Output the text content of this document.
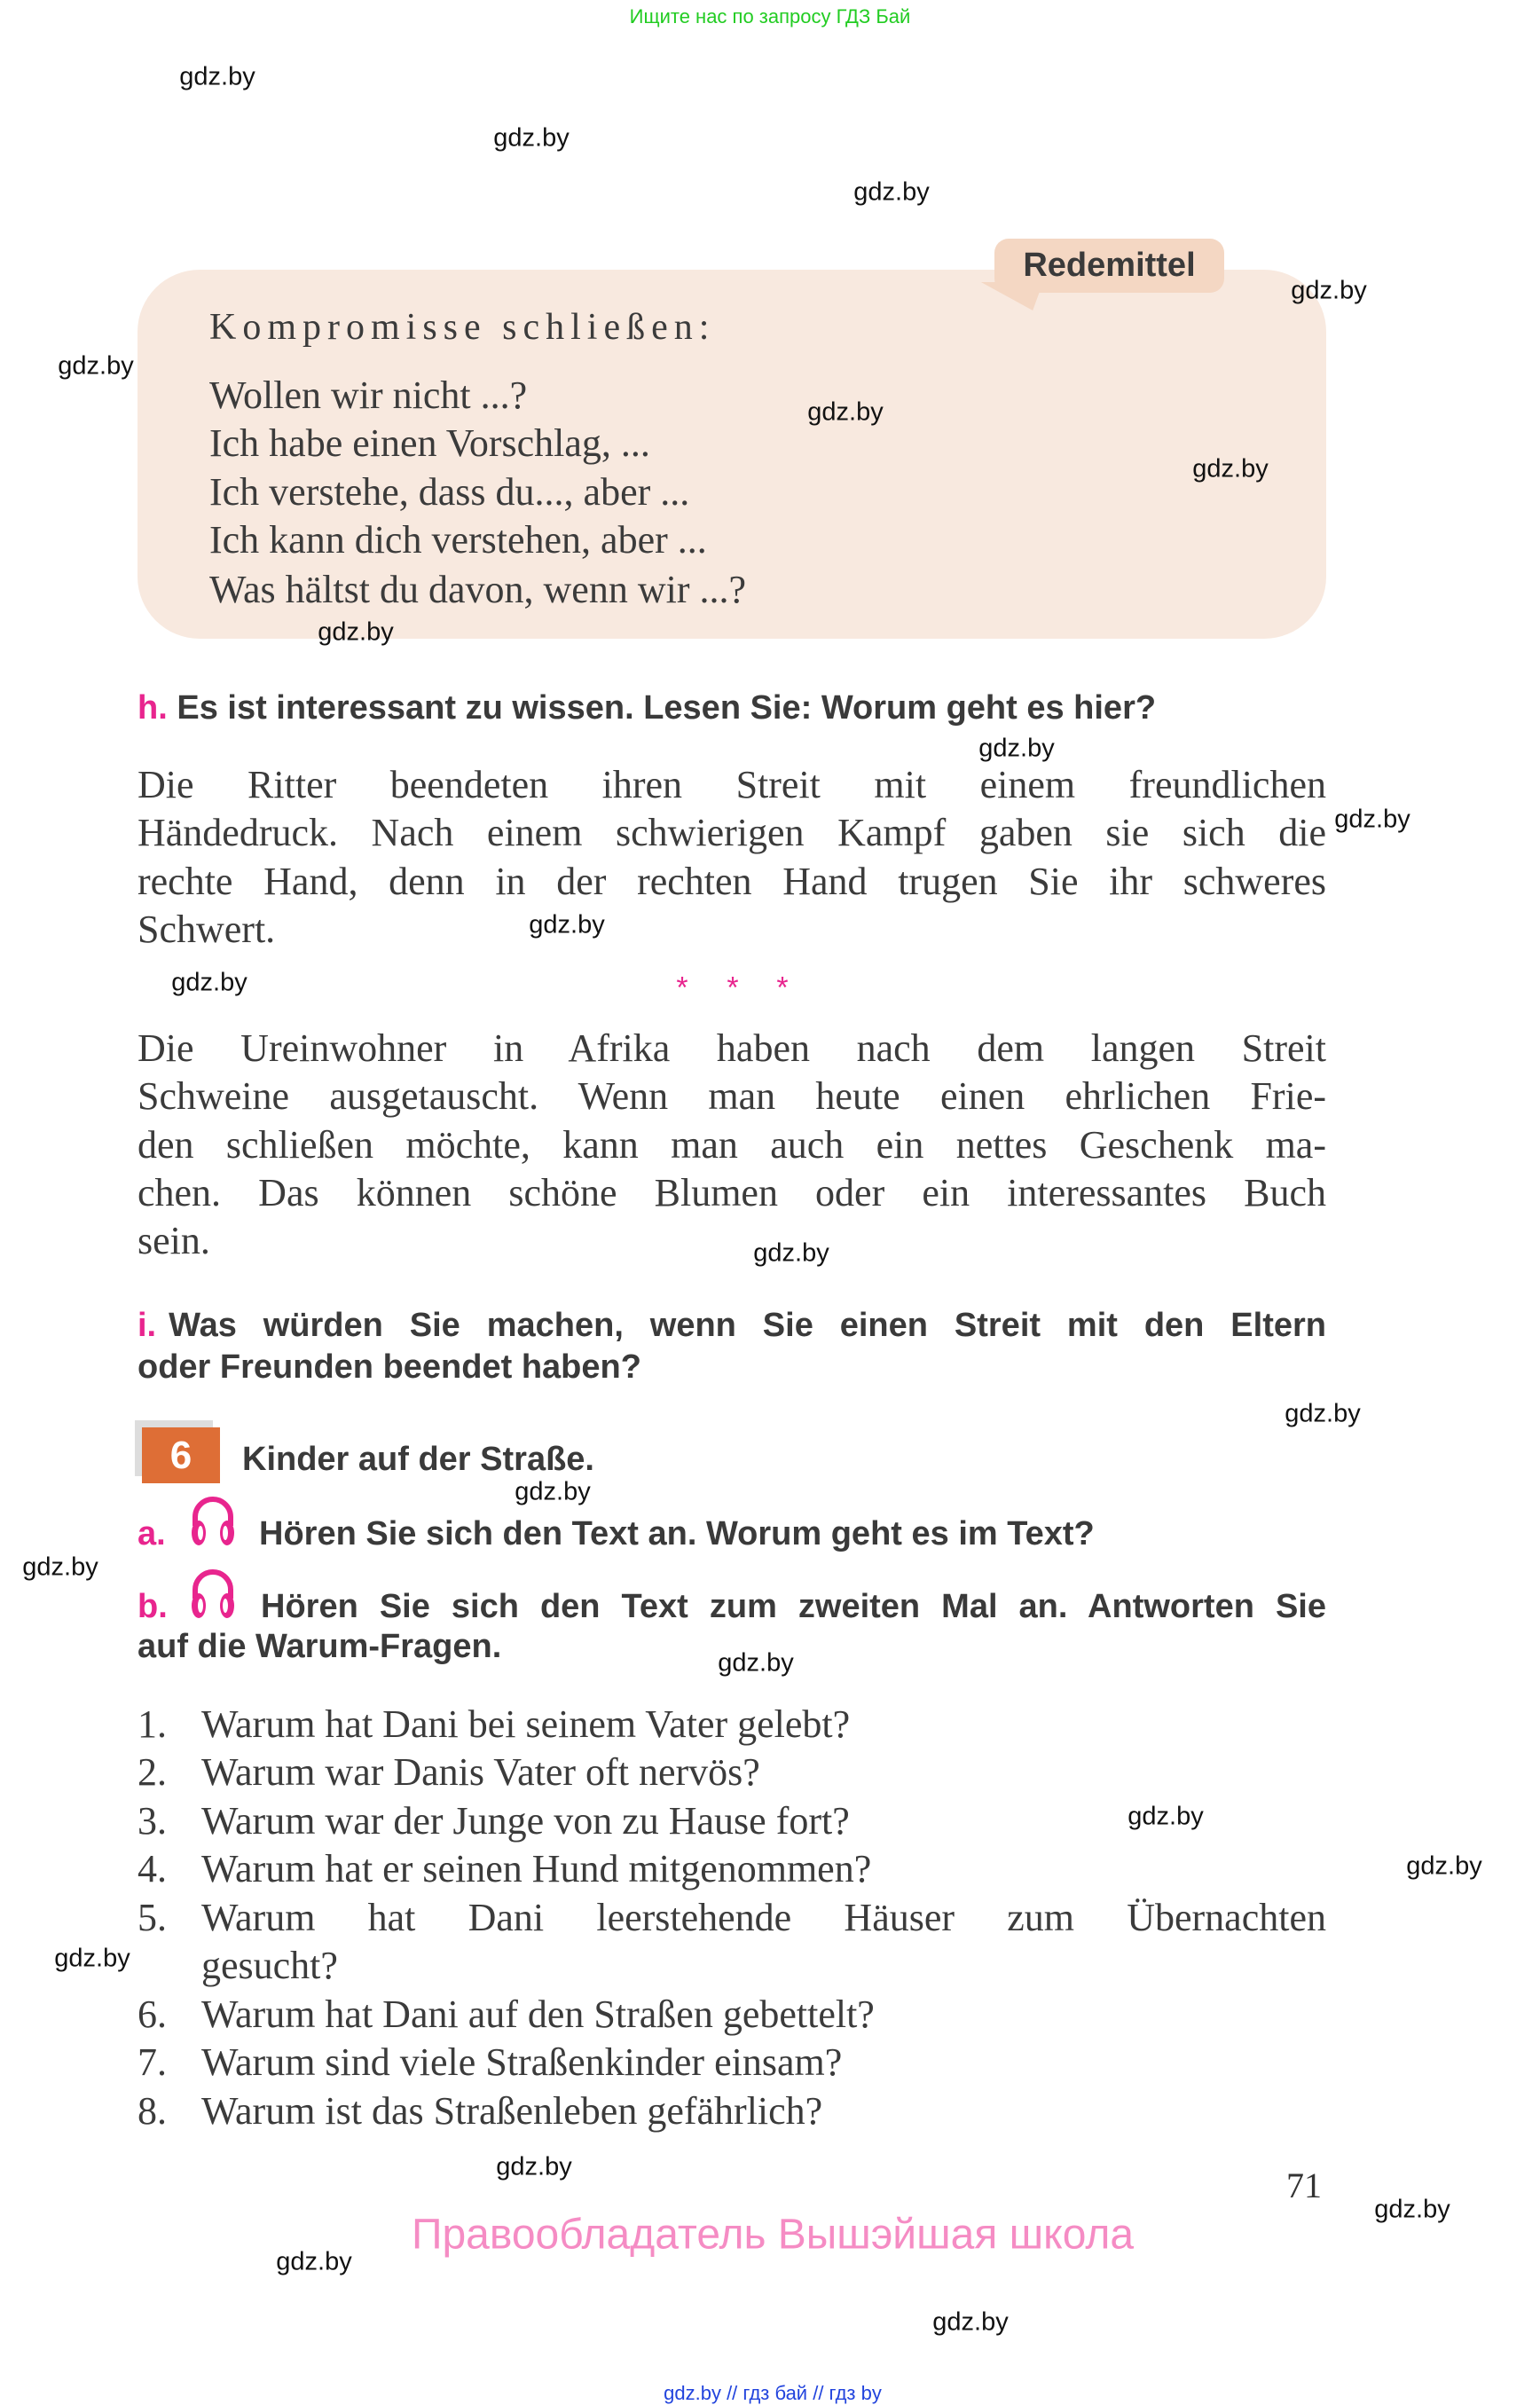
Ищите нас по запросу ГДЗ Бай
Redemittel
Kompromisse schließen:
Wollen wir nicht ...?
Ich habe einen Vorschlag, ...
Ich verstehe, dass du..., aber ...
Ich kann dich verstehen, aber ...
Was hältst du davon, wenn wir ...?
h. Es ist interessant zu wissen. Lesen Sie: Worum geht es hier?
Die Ritter beendeten ihren Streit mit einem freundlichen
Händedruck. Nach einem schwierigen Kampf gaben sie sich die
rechte Hand, denn in der rechten Hand trugen Sie ihr schweres
Schwert.
* * *
Die Ureinwohner in Afrika haben nach dem langen Streit
Schweine ausgetauscht. Wenn man heute einen ehrlichen Frie-
den schließen möchte, kann man auch ein nettes Geschenk ma-
chen. Das können schöne Blumen oder ein interessantes Buch
sein.
i. Was würden Sie machen, wenn Sie einen Streit mit den Eltern
oder Freunden beendet haben?
6	Kinder auf der Straße.
a.	Hören Sie sich den Text an. Worum geht es im Text?
b.	Hören Sie sich den Text zum zweiten Mal an. Antworten Sie
auf die Warum-Fragen.
1. Warum hat Dani bei seinem Vater gelebt?
2. Warum war Danis Vater oft nervös?
3. Warum war der Junge von zu Hause fort?
4. Warum hat er seinen Hund mitgenommen?
5. Warum hat Dani leerstehende Häuser zum Übernachten
gesucht?
6. Warum hat Dani auf den Straßen gebettelt?
7. Warum sind viele Straßenkinder einsam?
8. Warum ist das Straßenleben gefährlich?
71
Правообладатель Вышэйшая школа
gdz.by // гдз бай // гдз by
gdz.by
gdz.by
gdz.by
gdz.by
gdz.by
gdz.by
gdz.by
gdz.by
gdz.by
gdz.by
gdz.by
gdz.by
gdz.by
gdz.by
gdz.by
gdz.by
gdz.by
gdz.by
gdz.by
gdz.by
gdz.by
gdz.by
gdz.by
gdz.by
